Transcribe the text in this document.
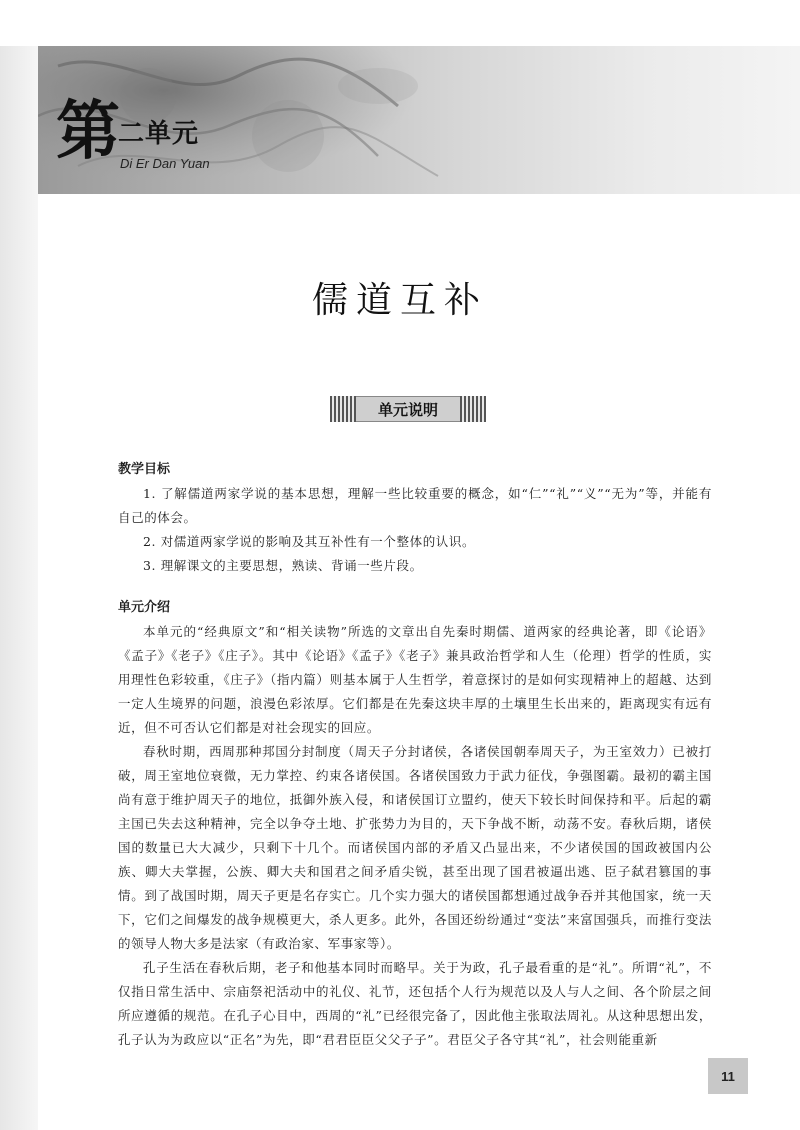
第
二单元
Di Er Dan Yuan
儒道互补
单元说明

教学目标

1. 了解儒道两家学说的基本思想，理解一些比较重要的概念，如“仁”“礼”“义”“无为”等，并能有自己的体会。

2. 对儒道两家学说的影响及其互补性有一个整体的认识。

3. 理解课文的主要思想，熟读、背诵一些片段。

单元介绍

本单元的“经典原文”和“相关读物”所选的文章出自先秦时期儒、道两家的经典论著，即《论语》《孟子》《老子》《庄子》。其中《论语》《孟子》《老子》兼具政治哲学和人生（伦理）哲学的性质，实用理性色彩较重，《庄子》（指内篇）则基本属于人生哲学，着意探讨的是如何实现精神上的超越、达到一定人生境界的问题，浪漫色彩浓厚。它们都是在先秦这块丰厚的土壤里生长出来的，距离现实有远有近，但不可否认它们都是对社会现实的回应。

春秋时期，西周那种邦国分封制度（周天子分封诸侯，各诸侯国朝奉周天子，为王室效力）已被打破，周王室地位衰微，无力掌控、约束各诸侯国。各诸侯国致力于武力征伐，争强图霸。最初的霸主国尚有意于维护周天子的地位，抵御外族入侵，和诸侯国订立盟约，使天下较长时间保持和平。后起的霸主国已失去这种精神，完全以争夺土地、扩张势力为目的，天下争战不断，动荡不安。春秋后期，诸侯国的数量已大大减少，只剩下十几个。而诸侯国内部的矛盾又凸显出来，不少诸侯国的国政被国内公族、卿大夫掌握，公族、卿大夫和国君之间矛盾尖锐，甚至出现了国君被逼出逃、臣子弑君篡国的事情。到了战国时期，周天子更是名存实亡。几个实力强大的诸侯国都想通过战争吞并其他国家，统一天下，它们之间爆发的战争规模更大，杀人更多。此外，各国还纷纷通过“变法”来富国强兵，而推行变法的领导人物大多是法家（有政治家、军事家等）。

孔子生活在春秋后期，老子和他基本同时而略早。关于为政，孔子最看重的是“礼”。所谓“礼”，不仅指日常生活中、宗庙祭祀活动中的礼仪、礼节，还包括个人行为规范以及人与人之间、各个阶层之间所应遵循的规范。在孔子心目中，西周的“礼”已经很完备了，因此他主张取法周礼。从这种思想出发，孔子认为为政应以“正名”为先，即“君君臣臣父父子子”。君臣父子各守其“礼”，社会则能重新

11
